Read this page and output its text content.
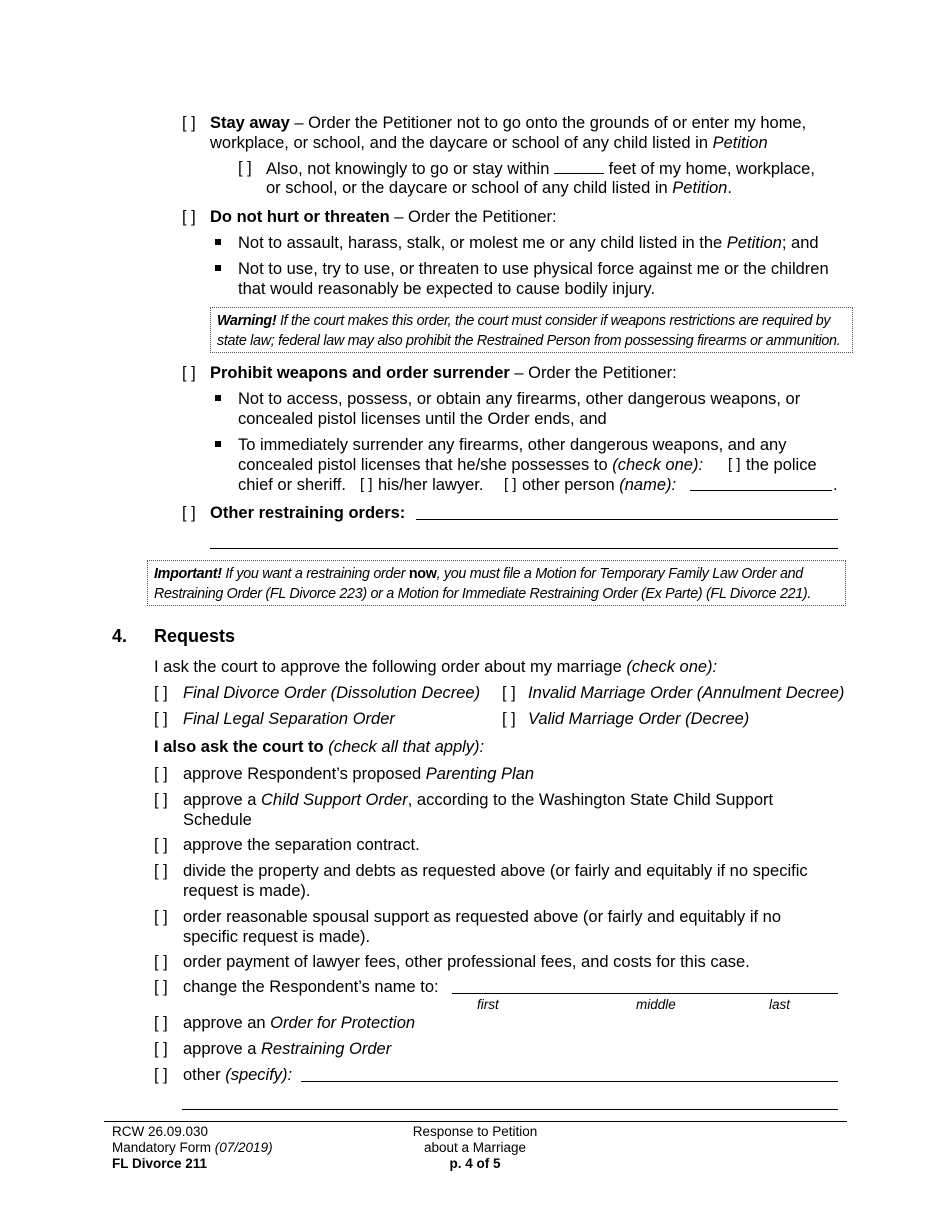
[ ] Stay away – Order the Petitioner not to go onto the grounds of or enter my home,
workplace, or school, and the daycare or school of any child listed in Petition
[ ] Also, not knowingly to go or stay within	feet of my home, workplace,
or school, or the daycare or school of any child listed in Petition.
[ ] Do not hurt or threaten – Order the Petitioner:
Not to assault, harass, stalk, or molest me or any child listed in the Petition; and
Not to use, try to use, or threaten to use physical force against me or the children
that would reasonably be expected to cause bodily injury.
Warning! If the court makes this order, the court must consider if weapons restrictions are required by
state law; federal law may also prohibit the Restrained Person from possessing firearms or ammunition.
[ ] Prohibit weapons and order surrender – Order the Petitioner:
Not to access, possess, or obtain any firearms, other dangerous weapons, or
concealed pistol licenses until the Order ends, and
To immediately surrender any firearms, other dangerous weapons, and any
concealed pistol licenses that he/she possesses to (check one): [ ] the police
chief or sheriff. [ ] his/her lawyer. [ ] other person (name):	.
[ ] Other restraining orders:
Important! If you want a restraining order now, you must file a Motion for Temporary Family Law Order and
Restraining Order (FL Divorce 223) or a Motion for Immediate Restraining Order (Ex Parte) (FL Divorce 221).
4. Requests
I ask the court to approve the following order about my marriage (check one):
[ ] Final Divorce Order (Dissolution Decree) [ ] Invalid Marriage Order (Annulment Decree)
[ ] Final Legal Separation Order	[ ] Valid Marriage Order (Decree)
I also ask the court to (check all that apply):
[ ] approve Respondent’s proposed Parenting Plan
[ ] approve a Child Support Order, according to the Washington State Child Support
Schedule
[ ] approve the separation contract.
[ ] divide the property and debts as requested above (or fairly and equitably if no specific
request is made).
[ ] order reasonable spousal support as requested above (or fairly and equitably if no
specific request is made).
[ ] order payment of lawyer fees, other professional fees, and costs for this case.
[ ] change the Respondent’s name to:
first	middle	last
[ ] approve an Order for Protection
[ ] approve a Restraining Order
[ ] other (specify):
RCW 26.09.030
Mandatory Form (07/2019)
FL Divorce 211
Response to Petition
about a Marriage
p. 4 of 5
